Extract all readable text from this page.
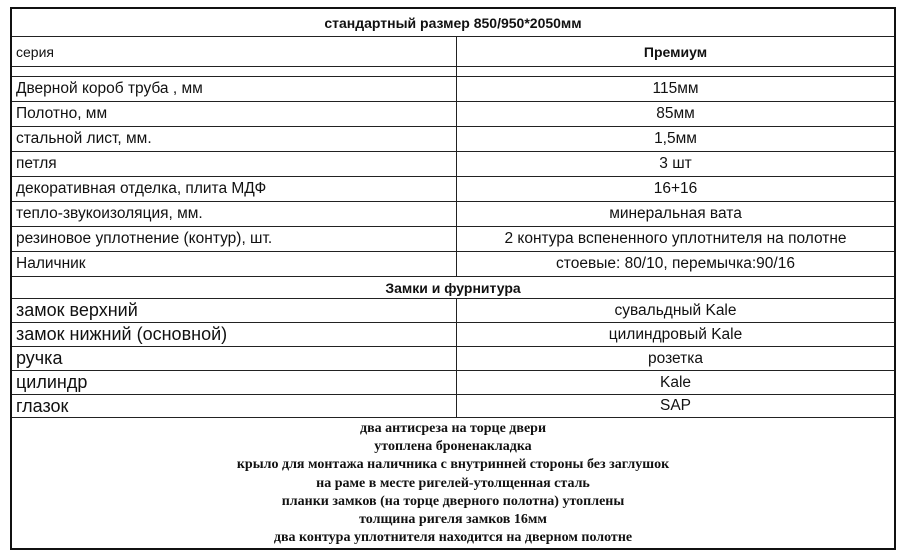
стандартный размер 850/950*2050мм
серия	Премиум
Дверной короб труба , мм	115мм
Полотно, мм	85мм
стальной лист, мм.	1,5мм
петля	3 шт
декоративная отделка, плита МДФ	16+16
тепло-звукоизоляция, мм.	минеральная вата
резиновое уплотнение (контур), шт.	2 контура вспененного уплотнителя на полотне
Наличник	стоевые: 80/10, перемычка:90/16
Замки и фурнитура
замок верхний	сувальдный Kale
замок нижний (основной)	цилиндровый Kale
ручка	розетка
цилиндр	Kale
глазок	SAP
два антисреза на торце двери
утоплена броненакладка
крыло для монтажа наличника с внутринней стороны без заглушок
на раме в месте ригелей-утолщенная сталь
планки замков (на торце дверного полотна) утоплены
толщина ригеля замков 16мм
два контура уплотнителя находится на дверном полотне
